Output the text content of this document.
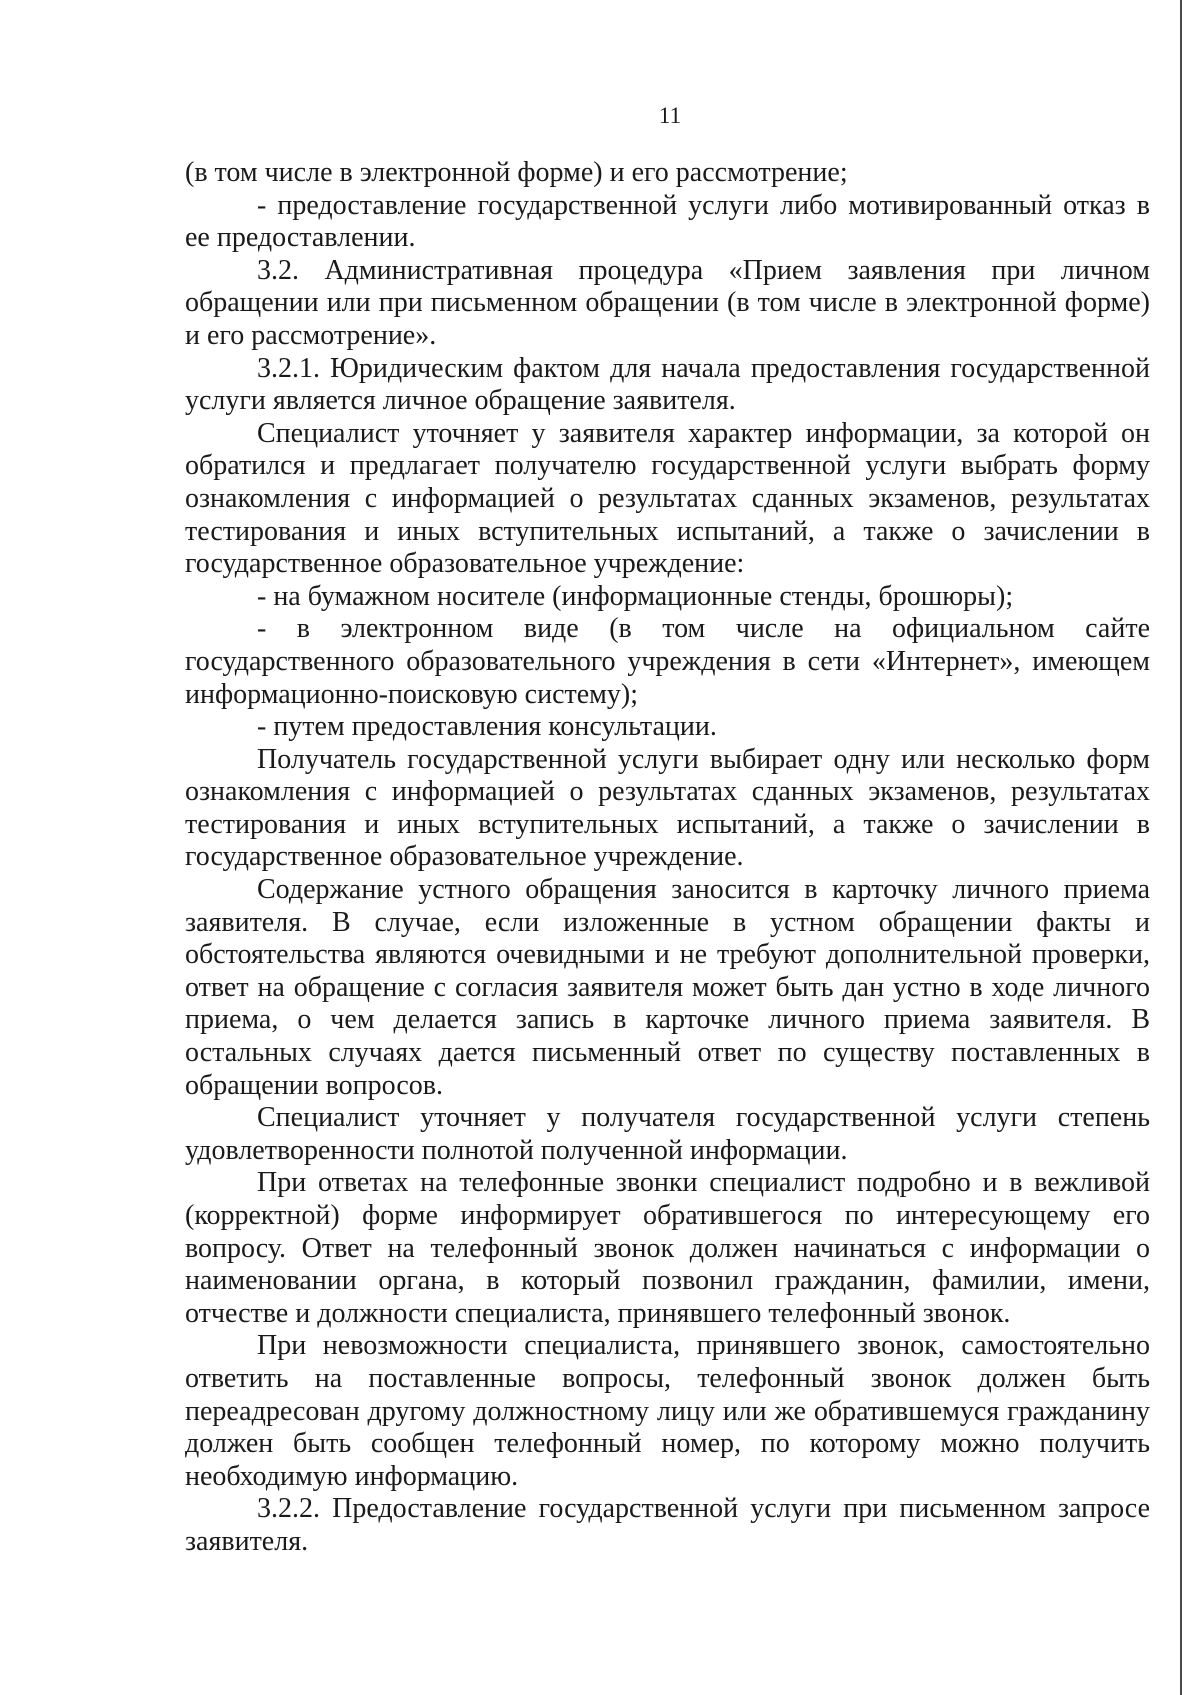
11

(в том числе в электронной форме) и его рассмотрение;

- предоставление государственной услуги либо мотивированный отказ в ее предоставлении.

3.2. Административная процедура «Прием заявления при личном обращении или при письменном обращении (в том числе в электронной форме) и его рассмотрение».

3.2.1. Юридическим фактом для начала предоставления государственной услуги является личное обращение заявителя.

Специалист уточняет у заявителя характер информации, за которой он обратился и предлагает получателю государственной услуги выбрать форму ознакомления с информацией о результатах сданных экзаменов, результатах тестирования и иных вступительных испытаний, а также о зачислении в государственное образовательное учреждение:

- на бумажном носителе (информационные стенды, брошюры);

- в электронном виде (в том числе на официальном сайте государственного образовательного учреждения в сети «Интернет», имеющем информационно-поисковую систему);

- путем предоставления консультации.

Получатель государственной услуги выбирает одну или несколько форм ознакомления с информацией о результатах сданных экзаменов, результатах тестирования и иных вступительных испытаний, а также о зачислении в государственное образовательное учреждение.

Содержание устного обращения заносится в карточку личного приема заявителя. В случае, если изложенные в устном обращении факты и обстоятельства являются очевидными и не требуют дополнительной проверки, ответ на обращение с согласия заявителя может быть дан устно в ходе личного приема, о чем делается запись в карточке личного приема заявителя. В остальных случаях дается письменный ответ по существу поставленных в обращении вопросов.

Специалист уточняет у получателя государственной услуги степень удовлетворенности полнотой полученной информации.

При ответах на телефонные звонки специалист подробно и в вежливой (корректной) форме информирует обратившегося по интересующему его вопросу. Ответ на телефонный звонок должен начинаться с информации о наименовании органа, в который позвонил гражданин, фамилии, имени, отчестве и должности специалиста, принявшего телефонный звонок.

При невозможности специалиста, принявшего звонок, самостоятельно ответить на поставленные вопросы, телефонный звонок должен быть переадресован другому должностному лицу или же обратившемуся гражданину должен быть сообщен телефонный номер, по которому можно получить необходимую информацию.

3.2.2. Предоставление государственной услуги при письменном запросе заявителя.
